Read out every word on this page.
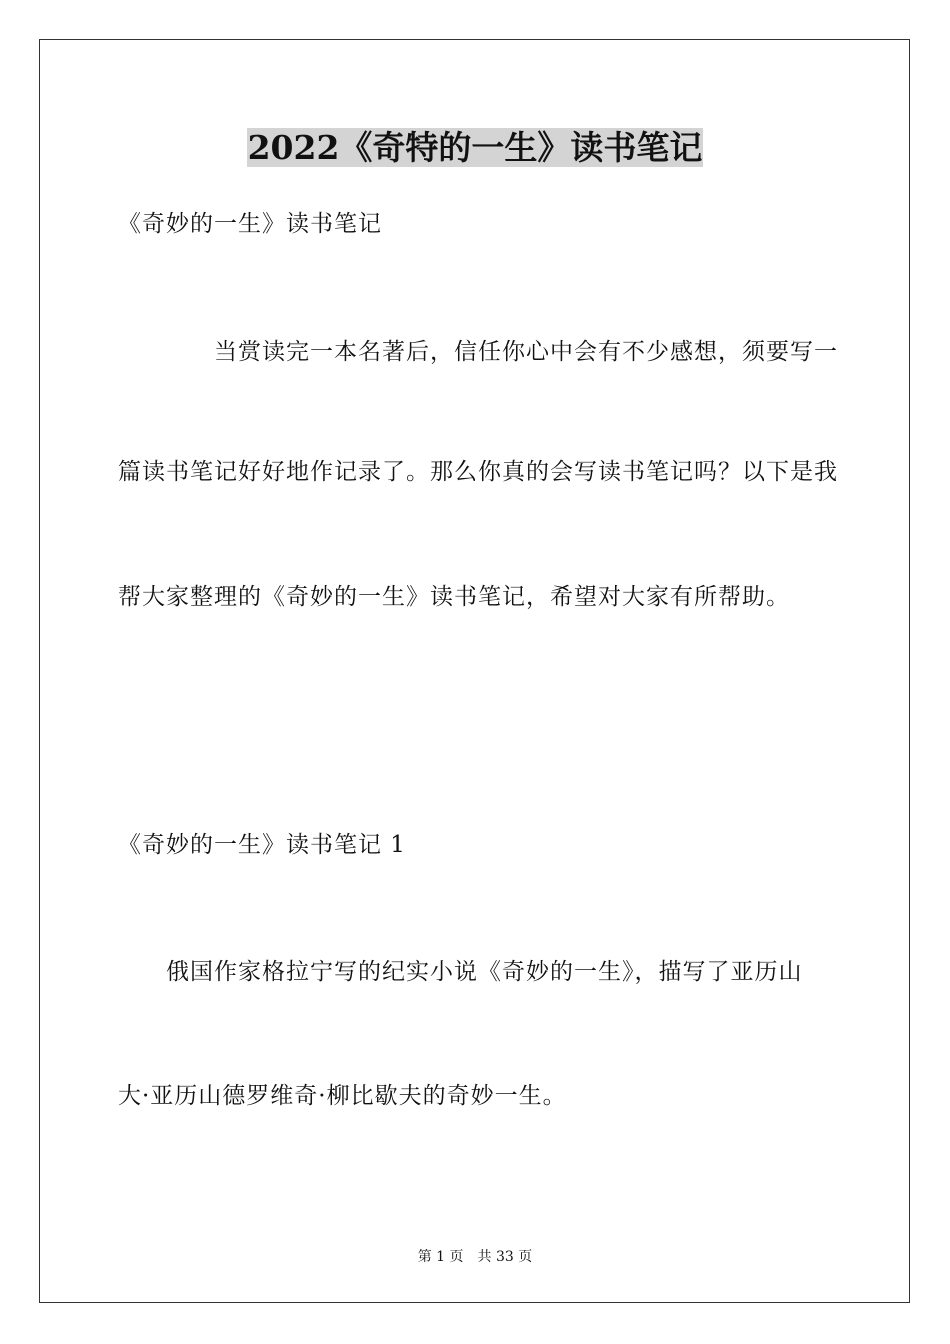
2022《奇特的一生》读书笔记
《奇妙的一生》读书笔记
当赏读完一本名著后，信任你心中会有不少感想，须要写一
篇读书笔记好好地作记录了。那么你真的会写读书笔记吗？以下是我
帮大家整理的《奇妙的一生》读书笔记，希望对大家有所帮助。
《奇妙的一生》读书笔记 1
俄国作家格拉宁写的纪实小说《奇妙的一生》，描写了亚历山
大·亚历山德罗维奇·柳比歇夫的奇妙一生。
第 1 页　共 33 页
